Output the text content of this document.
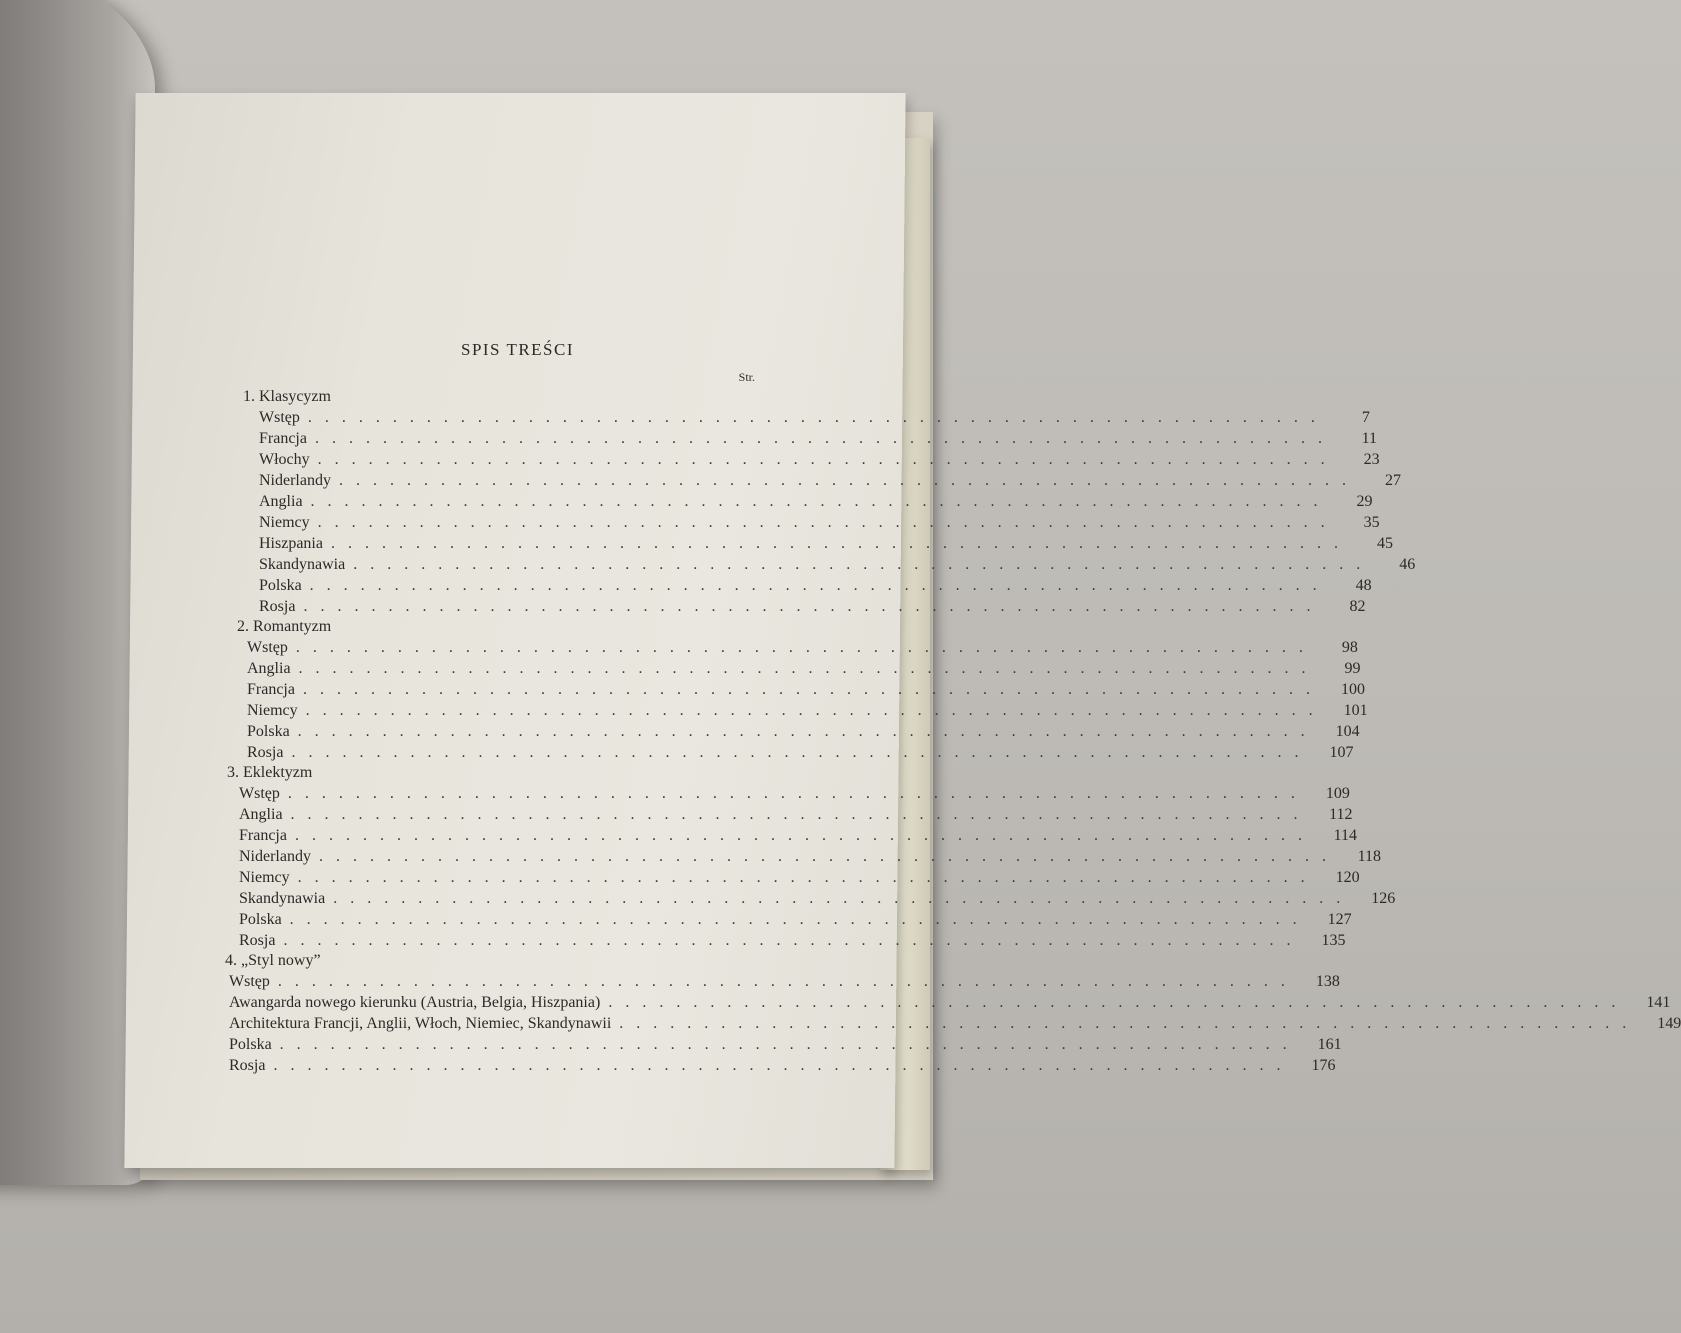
SPIS TREŚCI
Str.
1. Klasycyzm
Wstęp ............................................................	7
Francja ............................................................	11
Włochy ............................................................	23
Niderlandy ............................................................	27
Anglia ............................................................	29
Niemcy ............................................................	35
Hiszpania ............................................................	45
Skandynawia ............................................................	46
Polska ............................................................	48
Rosja ............................................................	82
2. Romantyzm
Wstęp ............................................................	98
Anglia ............................................................	99
Francja ............................................................	100
Niemcy ............................................................	101
Polska ............................................................	104
Rosja ............................................................	107
3. Eklektyzm
Wstęp ............................................................	109
Anglia ............................................................	112
Francja ............................................................	114
Niderlandy ............................................................	118
Niemcy ............................................................	120
Skandynawia ............................................................	126
Polska ............................................................	127
Rosja ............................................................	135
4. „Styl nowy”
Wstęp ............................................................	138
Awangarda nowego kierunku (Austria, Belgia, Hiszpania) ............................................................	141
Architektura Francji, Anglii, Włoch, Niemiec, Skandynawii ............................................................	149
Polska ............................................................	161
Rosja ............................................................	176
